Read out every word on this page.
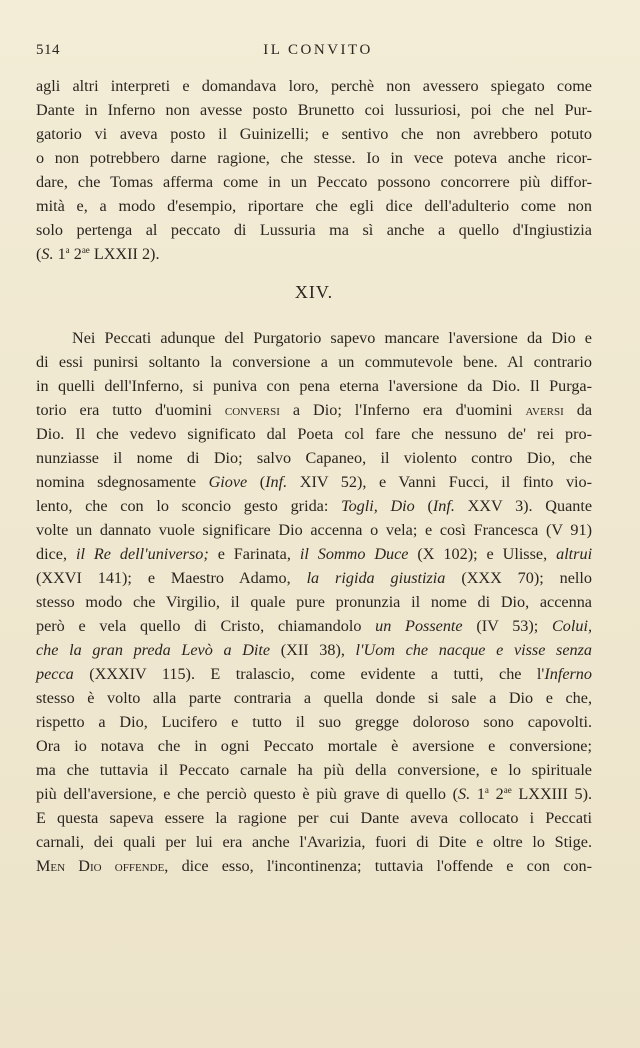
514	IL CONVITO
agli altri interpreti e domandava loro, perchè non avessero spiegato come
Dante in Inferno non avesse posto Brunetto coi lussuriosi, poi che nel Pur-
gatorio vi aveva posto il Guinizelli; e sentivo che non avrebbero potuto
o non potrebbero darne ragione, che stesse. Io in vece poteva anche ricor-
dare, che Tomas afferma come in un Peccato possono concorrere più diffor-
mità e, a modo d'esempio, riportare che egli dice dell'adulterio come non
solo pertenga al peccato di Lussuria ma sì anche a quello d'Ingiustizia
(S. 1$^a$ $2^{ae}$ LXXII 2).
XIV.
Nei Peccati adunque del Purgatorio sapevo mancare l'aversione da Dio e
di essi punirsi soltanto la conversione a un commutevole bene. Al contrario
in quelli dell'Inferno, si puniva con pena eterna l'aversione da Dio. Il Purga-
torio era tutto d'uomini conversi a Dio; l'Inferno era d'uomini aversi da
Dio. Il che vedevo significato dal Poeta col fare che nessuno de' rei pro-
nunziasse il nome di Dio; salvo Capaneo, il violento contro Dio, che
nomina sdegnosamente Giove (Inf. XIV 52), e Vanni Fucci, il finto vio-
lento, che con lo sconcio gesto grida: Togli, Dio (Inf. XXV 3). Quante
volte un dannato vuole significare Dio accenna o vela; e così Francesca (V 91)
dice, il Re dell'universo; e Farinata, il Sommo Duce (X 102); e Ulisse, altrui
(XXVI 141); e Maestro Adamo, la rigida giustizia (XXX 70); nello
stesso modo che Virgilio, il quale pure pronunzia il nome di Dio, accenna
però e vela quello di Cristo, chiamandolo un Possente (IV 53); Colui,
che la gran preda Levò a Dite (XII 38), l'Uom che nacque e visse senza
pecca (XXXIV 115). E tralascio, come evidente a tutti, che l'Inferno
stesso è volto alla parte contraria a quella donde si sale a Dio e che,
rispetto a Dio, Lucifero e tutto il suo gregge doloroso sono capovolti.
Ora io notava che in ogni Peccato mortale è aversione e conversione;
ma che tuttavia il Peccato carnale ha più della conversione, e lo spirituale
più dell'aversione, e che perciò questo è più grave di quello (S. 1$^a$ $2^{ae}$ LXXIII 5).
E questa sapeva essere la ragione per cui Dante aveva collocato i Peccati
carnali, dei quali per lui era anche l'Avarizia, fuori di Dite e oltre lo Stige.
Men Dio offende, dice esso, l'incontinenza; tuttavia l'offende e con con-
